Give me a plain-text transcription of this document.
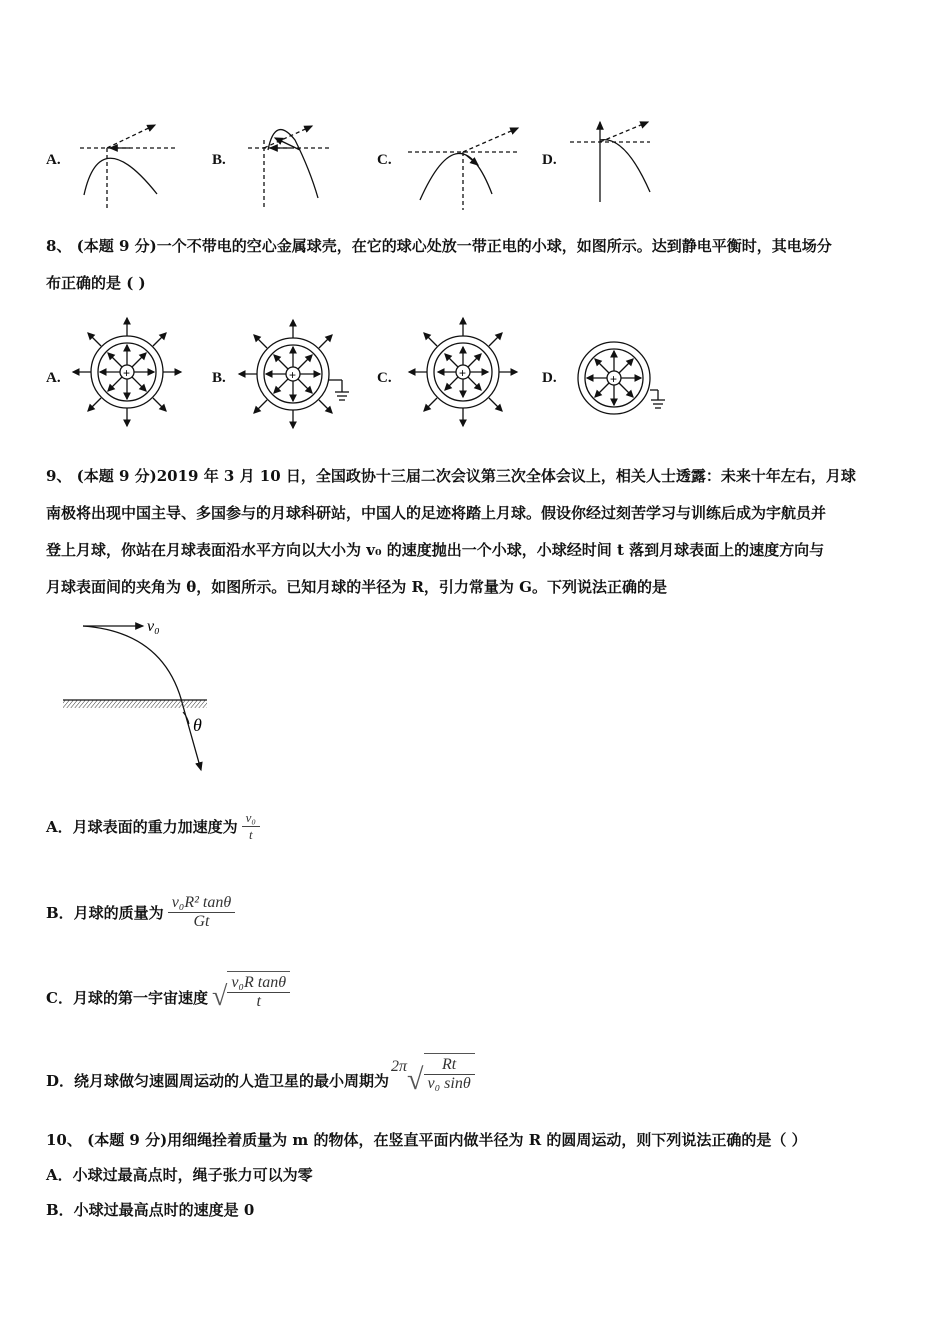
A.	B.	C.	D.
8、 (本题 9 分)一个不带电的空心金属球壳，在它的球心处放一带正电的小球，如图所示。达到静电平衡时，其电场分
布正确的是 ( )
A.	B.	C.	D.
+	+	+	+
9、 (本题 9 分)2019 年 3 月 10 日，全国政协十三届二次会议第三次全体会议上，相关人士透露：未来十年左右，月球
南极将出现中国主导、多国参与的月球科研站，中国人的足迹将踏上月球。假设你经过刻苦学习与训练后成为宇航员并
登上月球，你站在月球表面沿水平方向以大小为 v₀ 的速度抛出一个小球，小球经时间 t 落到月球表面上的速度方向与
月球表面间的夹角为 θ，如图所示。已知月球的半径为 R，引力常量为 G。下列说法正确的是
v₀
θ
A．月球表面的重力加速度为 $\frac{\text{v₀}}{t}$
B．月球的质量为 $\frac{\text{v₀R² tanθ}}{Gt}$
C．月球的第一宇宙速度 √ $\frac{\text{v₀R tanθ}}{t}$
D．绕月球做匀速圆周运动的人造卫星的最小周期为
2π √ $\frac{Rt}{\text{v₀ sinθ}}$
10、 (本题 9 分)用细绳拴着质量为 m 的物体，在竖直平面内做半径为 R 的圆周运动，则下列说法正确的是（ ）
A．小球过最高点时，绳子张力可以为零
B．小球过最高点时的速度是 0
